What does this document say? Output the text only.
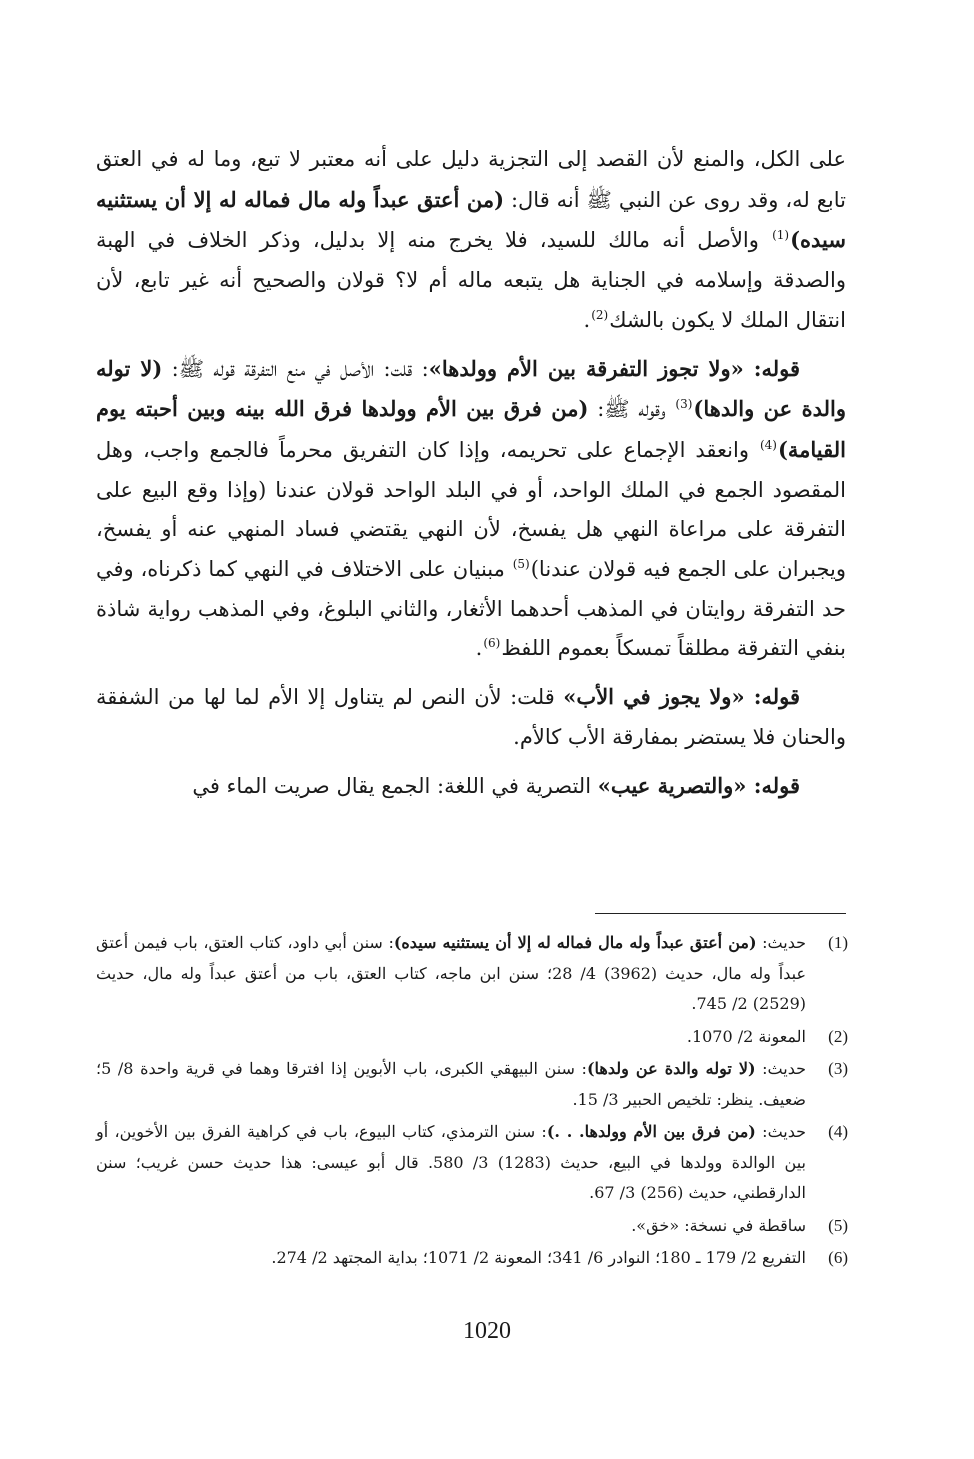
على الكل، والمنع لأن القصد إلى التجزية دليل على أنه معتبر لا تبع، وما له في العتق تابع له، وقد روى عن النبي ﷺ أنه قال: (من أعتق عبداً وله مال فماله له إلا أن يستثنيه سيده)$^{(1)}$ والأصل أنه مالك للسيد، فلا يخرج منه إلا بدليل، وذكر الخلاف في الهبة والصدقة وإسلامه في الجناية هل يتبعه ماله أم لا؟ قولان والصحيح أنه غير تابع، لأن انتقال الملك لا يكون بالشك$^{(2)}$.

قوله: «ولا تجوز التفرقة بين الأم وولدها»: قلت: الأصل في منع التفرقة قوله ﷺ: (لا توله والدة عن والدها)$^{(3)}$ وقوله ﷺ: (من فرق بين الأم وولدها فرق الله بينه وبين أحبته يوم القيامة)$^{(4)}$ وانعقد الإجماع على تحريمه، وإذا كان التفريق محرماً فالجمع واجب، وهل المقصود الجمع في الملك الواحد، أو في البلد الواحد قولان عندنا (وإذا وقع البيع على التفرقة على مراعاة النهي هل يفسخ، لأن النهي يقتضي فساد المنهي عنه أو يفسخ، ويجبران على الجمع فيه قولان عندنا)$^{(5)}$ مبنيان على الاختلاف في النهي كما ذكرناه، وفي حد التفرقة روايتان في المذهب أحدهما الأثغار، والثاني البلوغ، وفي المذهب رواية شاذة بنفي التفرقة مطلقاً تمسكاً بعموم اللفظ$^{(6)}$.

قوله: «ولا يجوز في الأب» قلت: لأن النص لم يتناول إلا الأم لما لها من الشفقة والحنان فلا يستضر بمفارقة الأب كالأم.

قوله: «والتصرية عيب» التصرية في اللغة: الجمع يقال صريت الماء في

(1)
حديث: (من أعتق عبداً وله مال فماله له إلا أن يستثنيه سيده): سنن أبي داود، كتاب العتق، باب فيمن أعتق عبداً وله مال، حديث (3962) 4/ 28؛ سنن ابن ماجه، كتاب العتق، باب من أعتق عبداً وله مال، حديث (2529) 2/ 745.
(2)
المعونة 2/ 1070.
(3)
حديث: (لا توله والدة عن ولدها): سنن البيهقي الكبرى، باب الأبوين إذا افترقا وهما في قرية واحدة 8/ 5؛ ضعيف. ينظر: تلخيص الحبير 3/ 15.
(4)
حديث: (من فرق بين الأم وولدها. . .): سنن الترمذي، كتاب البيوع، باب في كراهية الفرق بين الأخوين، أو بين الوالدة وولدها في البيع، حديث (1283) 3/ 580. قال أبو عيسى: هذا حديث حسن غريب؛ سنن الدارقطني، حديث (256) 3/ 67.
(5)
ساقطة في نسخة: «خق».
(6)
التفريع 2/ 179 ـ 180؛ النوادر 6/ 341؛ المعونة 2/ 1071؛ بداية المجتهد 2/ 274.
1020
